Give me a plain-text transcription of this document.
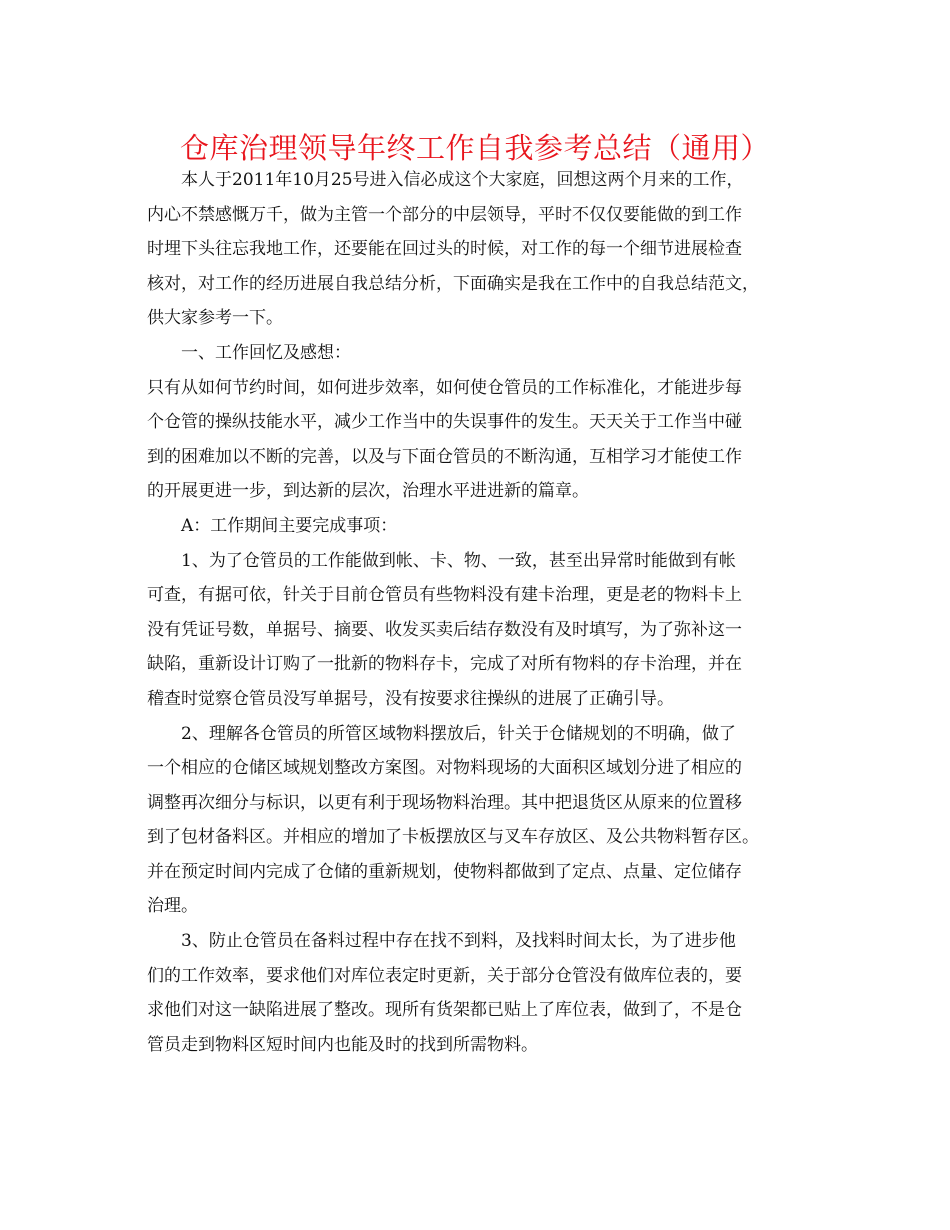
仓库治理领导年终工作自我参考总结（通用）

本人于2011年10月25号进入信必成这个大家庭，回想这两个月来的工作，
内心不禁感慨万千，做为主管一个部分的中层领导，平时不仅仅要能做的到工作
时埋下头往忘我地工作，还要能在回过头的时候，对工作的每一个细节进展检查
核对，对工作的经历进展自我总结分析，下面确实是我在工作中的自我总结范文，
供大家参考一下。

一、工作回忆及感想：

只有从如何节约时间，如何进步效率，如何使仓管员的工作标准化，才能进步每
个仓管的操纵技能水平，减少工作当中的失误事件的发生。天天关于工作当中碰
到的困难加以不断的完善，以及与下面仓管员的不断沟通，互相学习才能使工作
的开展更进一步，到达新的层次，治理水平进进新的篇章。

A：工作期间主要完成事项：

1、为了仓管员的工作能做到帐、卡、物、一致，甚至出异常时能做到有帐
可查，有据可依，针关于目前仓管员有些物料没有建卡治理，更是老的物料卡上
没有凭证号数，单据号、摘要、收发买卖后结存数没有及时填写，为了弥补这一
缺陷，重新设计订购了一批新的物料存卡，完成了对所有物料的存卡治理，并在
稽查时觉察仓管员没写单据号，没有按要求往操纵的进展了正确引导。

2、理解各仓管员的所管区域物料摆放后，针关于仓储规划的不明确，做了
一个相应的仓储区域规划整改方案图。对物料现场的大面积区域划分进了相应的
调整再次细分与标识，以更有利于现场物料治理。其中把退货区从原来的位置移
到了包材备料区。并相应的增加了卡板摆放区与叉车存放区、及公共物料暂存区。
并在预定时间内完成了仓储的重新规划，使物料都做到了定点、点量、定位储存
治理。

3、防止仓管员在备料过程中存在找不到料，及找料时间太长，为了进步他
们的工作效率，要求他们对库位表定时更新，关于部分仓管没有做库位表的，要
求他们对这一缺陷进展了整改。现所有货架都已贴上了库位表，做到了，不是仓
管员走到物料区短时间内也能及时的找到所需物料。
